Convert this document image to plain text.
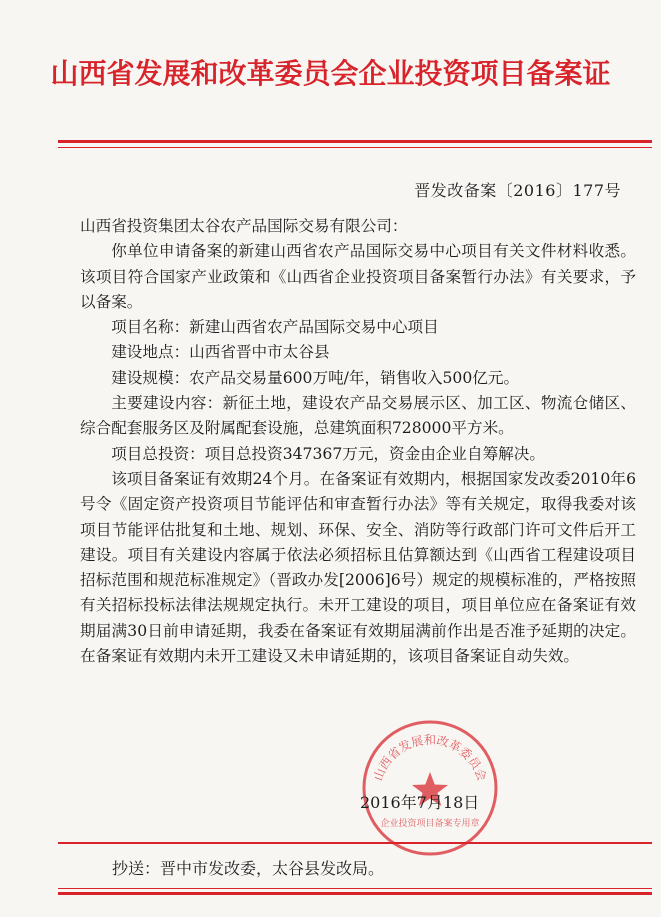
山西省发展和改革委员会企业投资项目备案证
晋发改备案〔2016〕177号

山西省投资集团太谷农产品国际交易有限公司：

你单位申请备案的新建山西省农产品国际交易中心项目有关文件材料收悉。该项目符合国家产业政策和《山西省企业投资项目备案暂行办法》有关要求，予以备案。

项目名称：新建山西省农产品国际交易中心项目

建设地点：山西省晋中市太谷县

建设规模：农产品交易量600万吨/年，销售收入500亿元。

主要建设内容：新征土地，建设农产品交易展示区、加工区、物流仓储区、综合配套服务区及附属配套设施，总建筑面积728000平方米。

项目总投资：项目总投资347367万元，资金由企业自筹解决。

该项目备案证有效期24个月。在备案证有效期内，根据国家发改委2010年6号令《固定资产投资项目节能评估和审查暂行办法》等有关规定，取得我委对该项目节能评估批复和土地、规划、环保、安全、消防等行政部门许可文件后开工建设。项目有关建设内容属于依法必须招标且估算额达到《山西省工程建设项目招标范围和规范标准规定》（晋政办发[2006]6号）规定的规模标准的，严格按照有关招标投标法律法规规定执行。未开工建设的项目，项目单位应在备案证有效期届满30日前申请延期，我委在备案证有效期届满前作出是否准予延期的决定。在备案证有效期内未开工建设又未申请延期的，该项目备案证自动失效。

山西省发展和改革委员会
企业投资项目备案专用章
2016年7月18日
抄送：晋中市发改委，太谷县发改局。
